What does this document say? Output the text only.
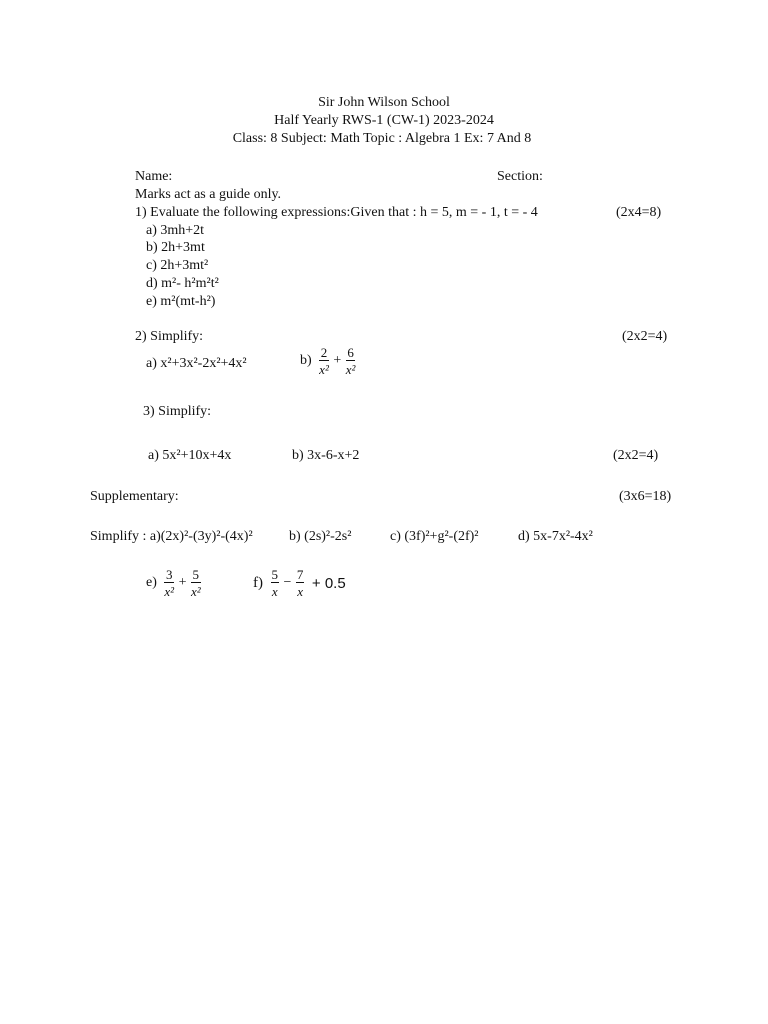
Sir John Wilson School
Half Yearly RWS-1 (CW-1) 2023-2024
Class: 8 Subject: Math Topic : Algebra 1 Ex: 7 And 8
Name:	Section:
Marks act as a guide only.
1) Evaluate the following expressions:Given that : h = 5, m = - 1, t = - 4	(2x4=8)
a) 3mh+2t
b) 2h+3mt
c) 2h+3mt²
d) m²- h²m²t²
e) m²(mt-h²)
2) Simplify:	(2x2=4)
a) x²+3x²-2x²+4x²	$b) \frac{2}{\text{x²}} + \frac{6}{\text{x²}}$
3) Simplify:
a) 5x²+10x+4x	b) 3x-6-x+2	(2x2=4)
Supplementary:	(3x6=18)
Simplify : a)(2x)²-(3y)²-(4x)²	b) (2s)²-2s²	c) (3f)²+g²-(2f)²	d) 5x-7x²-4x²
$e) \frac{3}{\text{x²}} + \frac{5}{\text{x²}}$	$f) \frac{5}{x} - \frac{7}{x} + 0.5$
